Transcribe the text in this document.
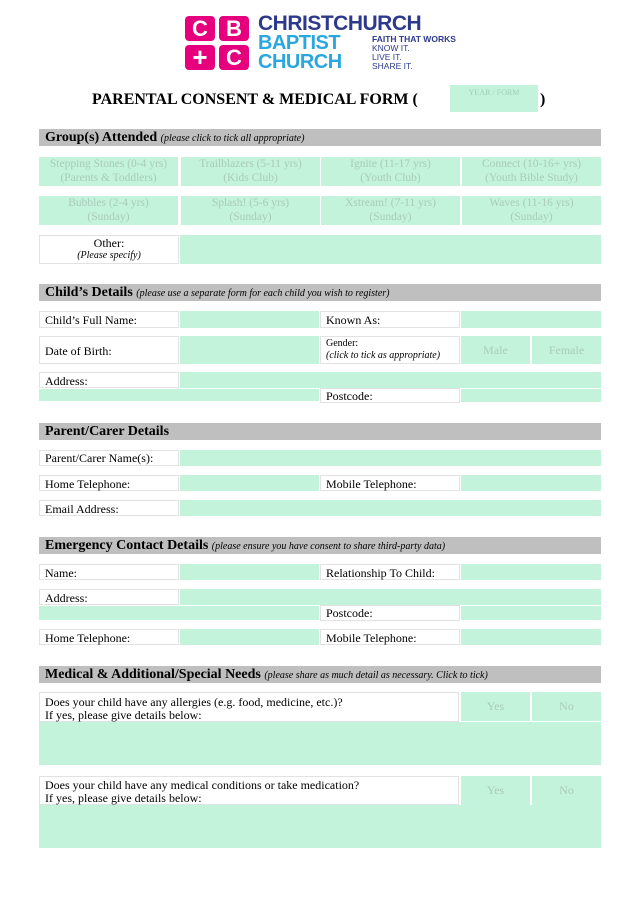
C B
+ C
CHRISTCHURCH
BAPTIST
CHURCH
FAITH THAT WORKS
KNOW IT.
LIVE IT.
SHARE IT.
PARENTAL CONSENT & MEDICAL FORM (	YEAR / FORM	)
Group(s) Attended (please click to tick all appropriate)
Stepping Stones (0-4 yrs)
(Parents & Toddlers)
Trailblazers (5-11 yrs)
(Kids Club)
Ignite (11-17 yrs)
(Youth Club)
Connect (10-16+ yrs)
(Youth Bible Study)
Bubbles (2-4 yrs)
(Sunday)
Splash! (5-6 yrs)
(Sunday)
Xstream! (7-11 yrs)
(Sunday)
Waves (11-16 yrs)
(Sunday)
Other:
(Please specify)
Child’s Details (please use a separate form for each child you wish to register)
Child’s Full Name:	Known As:
Date of Birth:
Gender:
(click to tick as appropriate)	Male	Female
Address:
Postcode:
Parent/Carer Details
Parent/Carer Name(s):
Home Telephone:	Mobile Telephone:
Email Address:
Emergency Contact Details (please ensure you have consent to share third-party data)
Name:	Relationship To Child:
Address:
Postcode:
Home Telephone:	Mobile Telephone:
Medical & Additional/Special Needs (please share as much detail as necessary. Click to tick)
Does your child have any allergies (e.g. food, medicine, etc.)?
If yes, please give details below:
Yes	No
Does your child have any medical conditions or take medication?
If yes, please give details below:
Yes	No
